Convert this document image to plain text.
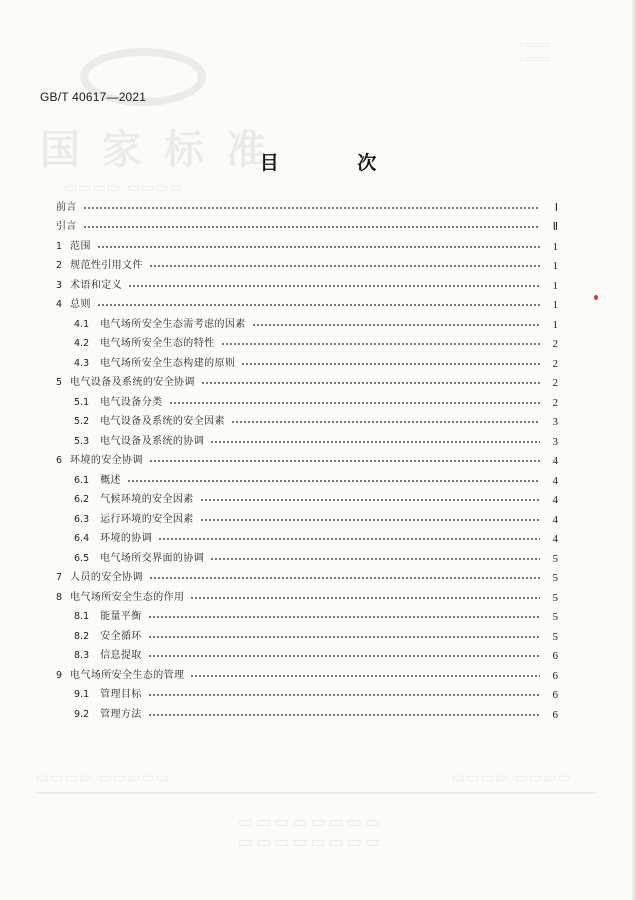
国家标准
▭▭▭▭ ▭▭▭▭
▭▭▭
▭▭▭
▭▭▭▭ ▭▭▭▭▭	▭▭▭▭ ▭▭▭▭
▭▭▭▭▭▭▭▭
▭▭▭▭▭▭▭▭
GB/T 40617—2021
目 次
前言	Ⅰ
引言	Ⅱ
1 范围	1
2 规范性引用文件	1
3 术语和定义	1
4 总则	1
4.1 电气场所安全生态需考虑的因素	1
4.2 电气场所安全生态的特性	2
4.3 电气场所安全生态构建的原则	2
5 电气设备及系统的安全协调	2
5.1 电气设备分类	2
5.2 电气设备及系统的安全因素	3
5.3 电气设备及系统的协调	3
6 环境的安全协调	4
6.1 概述	4
6.2 气候环境的安全因素	4
6.3 运行环境的安全因素	4
6.4 环境的协调	4
6.5 电气场所交界面的协调	5
7 人员的安全协调	5
8 电气场所安全生态的作用	5
8.1 能量平衡	5
8.2 安全循环	5
8.3 信息提取	6
9 电气场所安全生态的管理	6
9.1 管理目标	6
9.2 管理方法	6
